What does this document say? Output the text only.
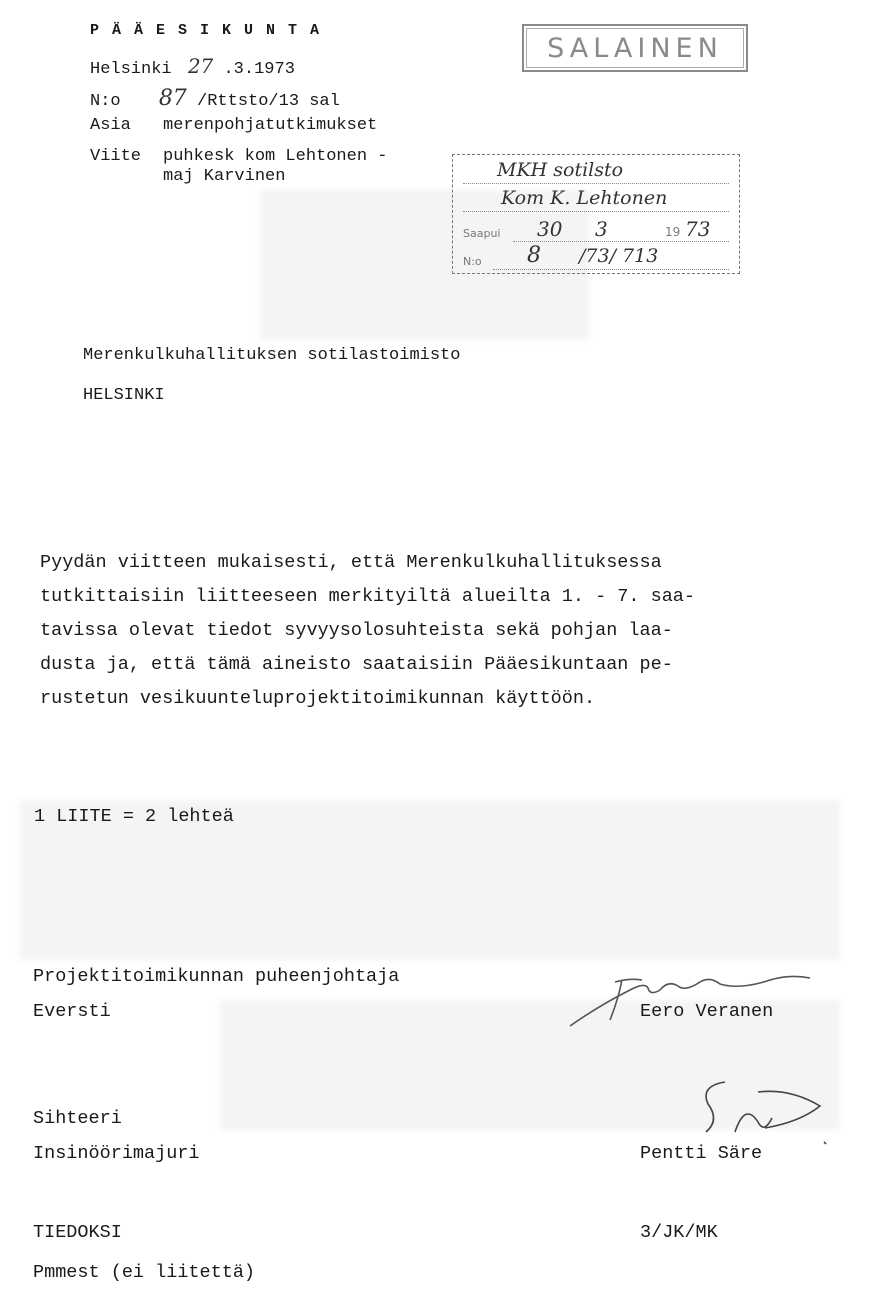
P Ä Ä E S I K U N T A
Helsinki 27 .3.1973
N:o 87 /Rttsto/13 sal
Asia merenpohjatutkimukset
Viite puhkesk kom Lehtonen -
maj Karvinen
SALAINEN
MKH sotilsto
Kom K. Lehtonen
Saapui 30 3	19 73
N:o 8 /73/ 713
Merenkulkuhallituksen sotilastoimisto
HELSINKI
Pyydän viitteen mukaisesti, että Merenkulkuhallituksessa
tutkittaisiin liitteeseen merkityiltä alueilta 1. - 7. saa-
tavissa olevat tiedot syvyysolosuhteista sekä pohjan laa-
dusta ja, että tämä aineisto saataisiin Pääesikuntaan pe-
rustetun vesikuunteluprojektitoimikunnan käyttöön.
1 LIITE = 2 lehteä
Projektitoimikunnan puheenjohtaja
Eversti	Eero Veranen
Sihteeri
Insinöörimajuri	Pentti Säre
TIEDOKSI	3/JK/MK
Pmmest (ei liitettä)
